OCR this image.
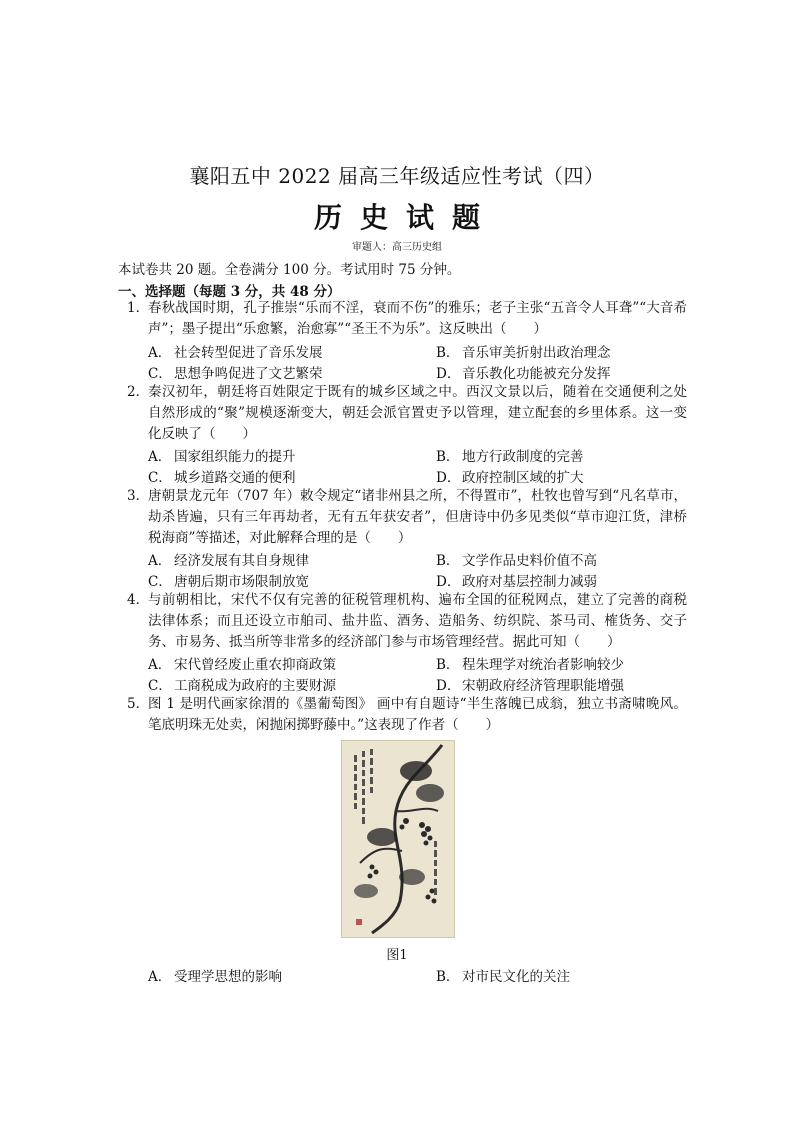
襄阳五中 2022 届高三年级适应性考试（四）
历史试题
审题人：高三历史组
本试卷共 20 题。全卷满分 100 分。考试用时 75 分钟。
一、选择题（每题 3 分，共 48 分）
1．
春秋战国时期，孔子推崇“乐而不淫，衰而不伤”的雅乐；老子主张“五音令人耳聋”“大音希声”；墨子提出“乐愈繁，治愈寡”“圣王不为乐”。这反映出（　　）
A． 社会转型促进了音乐发展	B． 音乐审美折射出政治理念
C． 思想争鸣促进了文艺繁荣	D． 音乐教化功能被充分发挥
2．
秦汉初年，朝廷将百姓限定于既有的城乡区域之中。西汉文景以后，随着在交通便利之处自然形成的“聚”规模逐渐变大，朝廷会派官置吏予以管理，建立配套的乡里体系。这一变化反映了（　　）
A． 国家组织能力的提升	B． 地方行政制度的完善
C． 城乡道路交通的便利	D． 政府控制区域的扩大
3．
唐朝景龙元年（707 年）敕令规定“诸非州县之所，不得置市”，杜牧也曾写到“凡名草市，劫杀皆遍，只有三年再劫者，无有五年获安者”，但唐诗中仍多见类似“草市迎江货，津桥税海商”等描述，对此解释合理的是（　　）
A． 经济发展有其自身规律	B． 文学作品史料价值不高
C． 唐朝后期市场限制放宽	D． 政府对基层控制力减弱
4．
与前朝相比，宋代不仅有完善的征税管理机构、遍布全国的征税网点，建立了完善的商税法律体系；而且还设立市舶司、盐井监、酒务、造船务、纺织院、茶马司、榷货务、交子务、市易务、抵当所等非常多的经济部门参与市场管理经营。据此可知（　　）
A． 宋代曾经废止重农抑商政策	B． 程朱理学对统治者影响较少
C． 工商税成为政府的主要财源	D． 宋朝政府经济管理职能增强
5．
图 1 是明代画家徐渭的《墨葡萄图》 画中有自题诗“半生落魄已成翁，独立书斋啸晚风。笔底明珠无处卖，闲抛闲掷野藤中。”这表现了作者（　　）
图1
A． 受理学思想的影响	B． 对市民文化的关注
